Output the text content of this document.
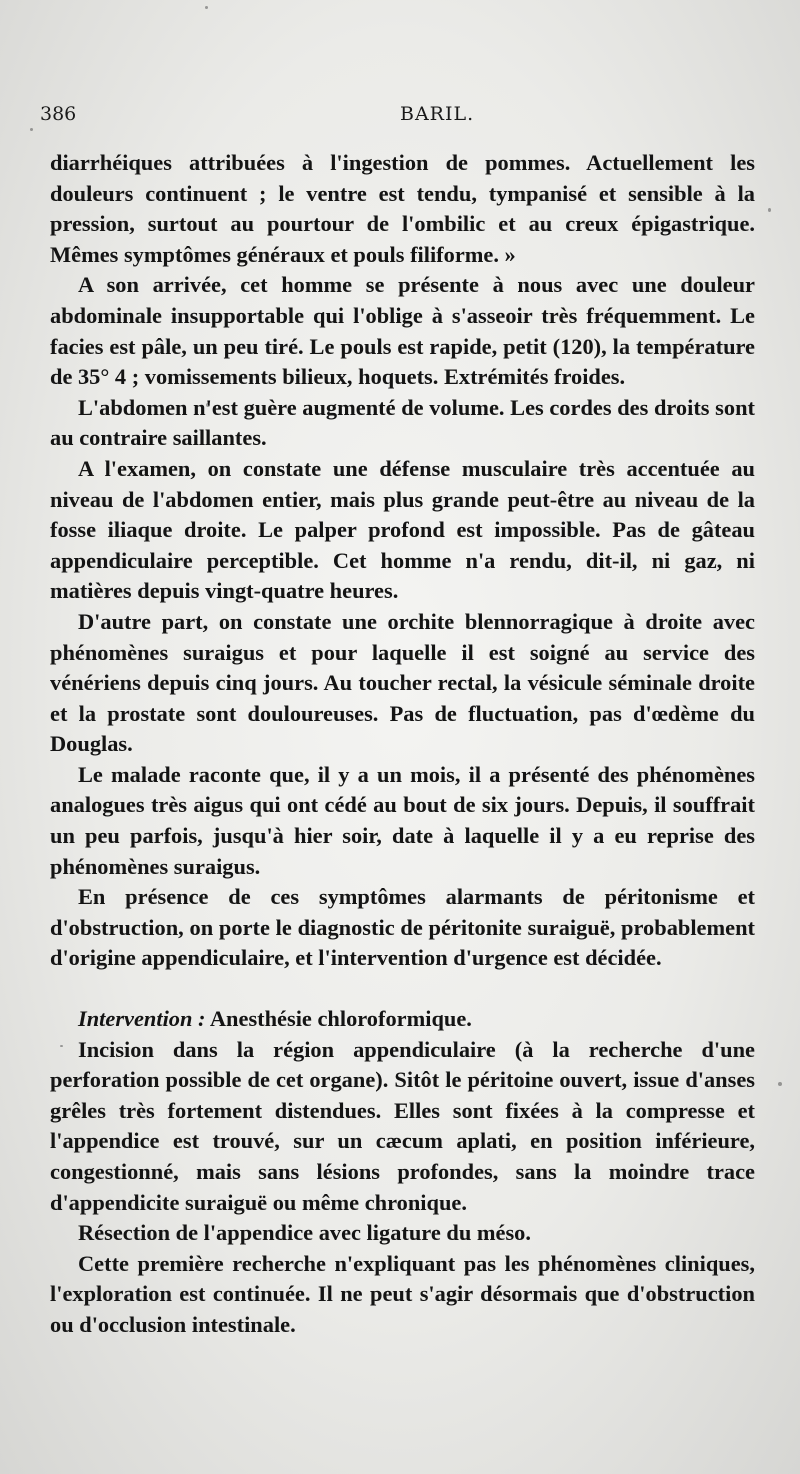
386	BARIL.

diarrhéiques attribuées à l'ingestion de pommes. Actuellement les douleurs continuent ; le ventre est tendu, tympanisé et sensible à la pression, surtout au pourtour de l'ombilic et au creux épigastrique. Mêmes symptômes généraux et pouls filiforme. »

A son arrivée, cet homme se présente à nous avec une douleur abdominale insupportable qui l'oblige à s'asseoir très fréquemment. Le facies est pâle, un peu tiré. Le pouls est rapide, petit (120), la température de 35° 4 ; vomissements bilieux, hoquets. Extrémités froides.

L'abdomen n'est guère augmenté de volume. Les cordes des droits sont au contraire saillantes.

A l'examen, on constate une défense musculaire très accentuée au niveau de l'abdomen entier, mais plus grande peut-être au niveau de la fosse iliaque droite. Le palper profond est impossible. Pas de gâteau appendiculaire perceptible. Cet homme n'a rendu, dit-il, ni gaz, ni matières depuis vingt-quatre heures.

D'autre part, on constate une orchite blennorragique à droite avec phénomènes suraigus et pour laquelle il est soigné au service des vénériens depuis cinq jours. Au toucher rectal, la vésicule séminale droite et la prostate sont douloureuses. Pas de fluctuation, pas d'œdème du Douglas.

Le malade raconte que, il y a un mois, il a présenté des phénomènes analogues très aigus qui ont cédé au bout de six jours. Depuis, il souffrait un peu parfois, jusqu'à hier soir, date à laquelle il y a eu reprise des phénomènes suraigus.

En présence de ces symptômes alarmants de péritonisme et d'obstruction, on porte le diagnostic de péritonite suraiguë, probablement d'origine appendiculaire, et l'intervention d'urgence est décidée.

Intervention : Anesthésie chloroformique.

Incision dans la région appendiculaire (à la recherche d'une perforation possible de cet organe). Sitôt le péritoine ouvert, issue d'anses grêles très fortement distendues. Elles sont fixées à la compresse et l'appendice est trouvé, sur un cæcum aplati, en position inférieure, congestionné, mais sans lésions profondes, sans la moindre trace d'appendicite suraiguë ou même chronique.

Résection de l'appendice avec ligature du méso.

Cette première recherche n'expliquant pas les phénomènes cliniques, l'exploration est continuée. Il ne peut s'agir désormais que d'obstruction ou d'occlusion intestinale.
